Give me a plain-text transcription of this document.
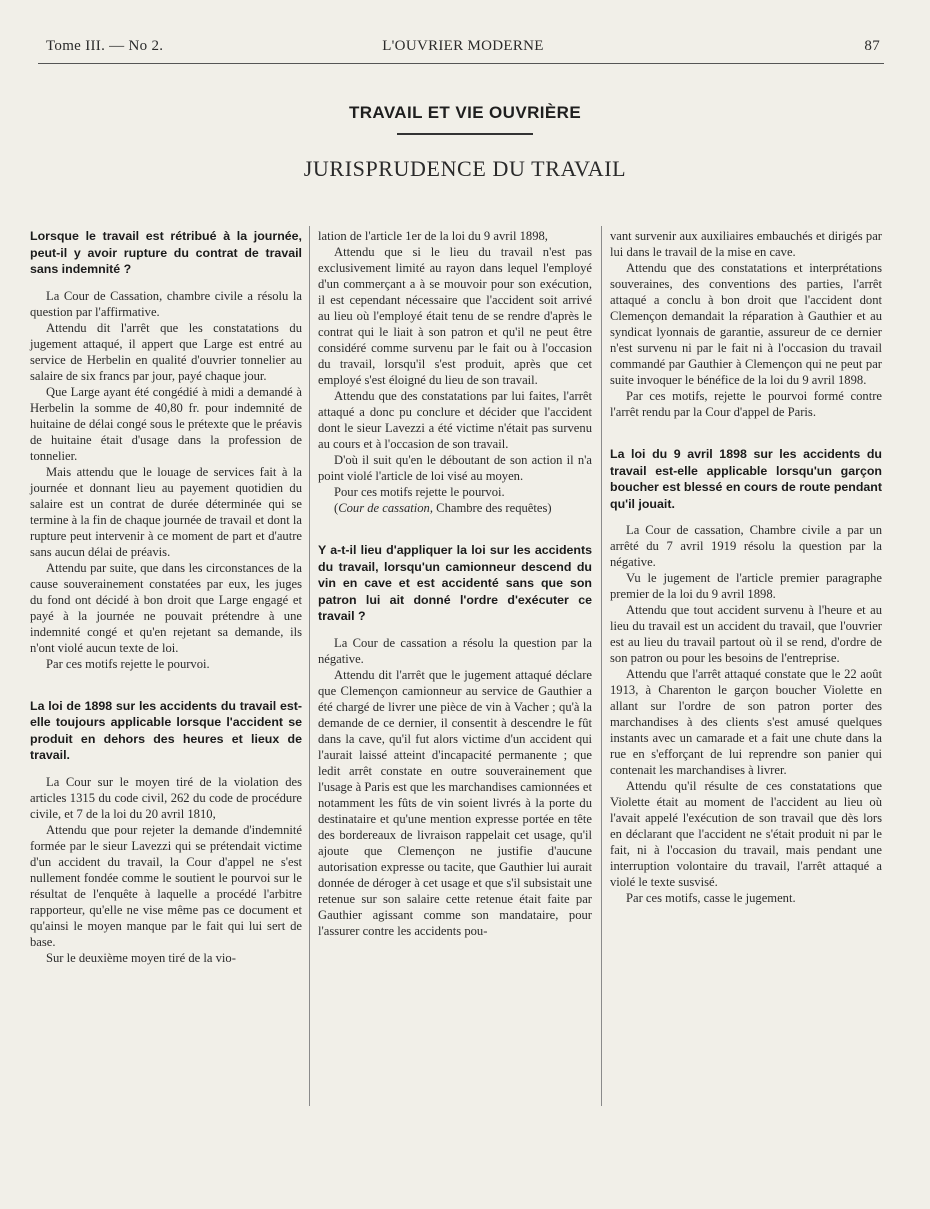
Tome III. — No 2.	L'OUVRIER MODERNE	87
TRAVAIL ET VIE OUVRIÈRE
JURISPRUDENCE DU TRAVAIL
Lorsque le travail est rétribué à la journée, peut-il y avoir rupture du contrat de travail sans indemnité ?

La Cour de Cassation, chambre civile a résolu la question par l'affirmative.

Attendu dit l'arrêt que les constatations du jugement attaqué, il appert que Large est entré au service de Herbelin en qualité d'ouvrier tonnelier au salaire de six francs par jour, payé chaque jour.

Que Large ayant été congédié à midi a demandé à Herbelin la somme de 40,80 fr. pour indemnité de huitaine de délai congé sous le prétexte que le préavis de huitaine était d'usage dans la profession de tonnelier.

Mais attendu que le louage de services fait à la journée et donnant lieu au payement quotidien du salaire est un contrat de durée déterminée qui se termine à la fin de chaque journée de travail et dont la rupture peut intervenir à ce moment de part et d'autre sans aucun délai de préavis.

Attendu par suite, que dans les circonstances de la cause souverainement constatées par eux, les juges du fond ont décidé à bon droit que Large engagé et payé à la journée ne pouvait prétendre à une indemnité congé et qu'en rejetant sa demande, ils n'ont violé aucun texte de loi.

Par ces motifs rejette le pourvoi.

La loi de 1898 sur les accidents du travail est-elle toujours applicable lorsque l'accident se produit en dehors des heures et lieux de travail.

La Cour sur le moyen tiré de la violation des articles 1315 du code civil, 262 du code de procédure civile, et 7 de la loi du 20 avril 1810,

Attendu que pour rejeter la demande d'indemnité formée par le sieur Lavezzi qui se prétendait victime d'un accident du travail, la Cour d'appel ne s'est nullement fondée comme le soutient le pourvoi sur le résultat de l'enquête à laquelle a procédé l'arbitre rapporteur, qu'elle ne vise même pas ce document et qu'ainsi le moyen manque par le fait qui lui sert de base.

Sur le deuxième moyen tiré de la vio-

lation de l'article 1er de la loi du 9 avril 1898,

Attendu que si le lieu du travail n'est pas exclusivement limité au rayon dans lequel l'employé d'un commerçant a à se mouvoir pour son exécution, il est cependant nécessaire que l'accident soit arrivé au lieu où l'employé était tenu de se rendre d'après le contrat qui le liait à son patron et qu'il ne peut être considéré comme survenu par le fait ou à l'occasion du travail, lorsqu'il s'est produit, après que cet employé s'est éloigné du lieu de son travail.

Attendu que des constatations par lui faites, l'arrêt attaqué a donc pu conclure et décider que l'accident dont le sieur Lavezzi a été victime n'était pas survenu au cours et à l'occasion de son travail.

D'où il suit qu'en le déboutant de son action il n'a point violé l'article de loi visé au moyen.

Pour ces motifs rejette le pourvoi.

(Cour de cassation, Chambre des requêtes)

Y a-t-il lieu d'appliquer la loi sur les accidents du travail, lorsqu'un camionneur descend du vin en cave et est accidenté sans que son patron lui ait donné l'ordre d'exécuter ce travail ?

La Cour de cassation a résolu la question par la négative.

Attendu dit l'arrêt que le jugement attaqué déclare que Clemençon camionneur au service de Gauthier a été chargé de livrer une pièce de vin à Vacher ; qu'à la demande de ce dernier, il consentit à descendre le fût dans la cave, qu'il fut alors victime d'un accident qui l'aurait laissé atteint d'incapacité permanente ; que ledit arrêt constate en outre souverainement que l'usage à Paris est que les marchandises camionnées et notamment les fûts de vin soient livrés à la porte du destinataire et qu'une mention expresse portée en tête des bordereaux de livraison rappelait cet usage, qu'il ajoute que Clemençon ne justifie d'aucune autorisation expresse ou tacite, que Gauthier lui aurait donnée de déroger à cet usage et que s'il subsistait une retenue sur son salaire cette retenue était faite par Gauthier agissant comme son mandataire, pour l'assurer contre les accidents pou-

vant survenir aux auxiliaires embauchés et dirigés par lui dans le travail de la mise en cave.

Attendu que des constatations et interprétations souveraines, des conventions des parties, l'arrêt attaqué a conclu à bon droit que l'accident dont Clemençon demandait la réparation à Gauthier et au syndicat lyonnais de garantie, assureur de ce dernier n'est survenu ni par le fait ni à l'occasion du travail commandé par Gauthier à Clemençon qui ne peut par suite invoquer le bénéfice de la loi du 9 avril 1898.

Par ces motifs, rejette le pourvoi formé contre l'arrêt rendu par la Cour d'appel de Paris.

La loi du 9 avril 1898 sur les accidents du travail est-elle applicable lorsqu'un garçon boucher est blessé en cours de route pendant qu'il jouait.

La Cour de cassation, Chambre civile a par un arrêté du 7 avril 1919 résolu la question par la négative.

Vu le jugement de l'article premier paragraphe premier de la loi du 9 avril 1898.

Attendu que tout accident survenu à l'heure et au lieu du travail est un accident du travail, que l'ouvrier est au lieu du travail partout où il se rend, d'ordre de son patron ou pour les besoins de l'entreprise.

Attendu que l'arrêt attaqué constate que le 22 août 1913, à Charenton le garçon boucher Violette en allant sur l'ordre de son patron porter des marchandises à des clients s'est amusé quelques instants avec un camarade et a fait une chute dans la rue en s'efforçant de lui reprendre son panier qui contenait les marchandises à livrer.

Attendu qu'il résulte de ces constatations que Violette était au moment de l'accident au lieu où l'avait appelé l'exécution de son travail que dès lors en déclarant que l'accident ne s'était produit ni par le fait, ni à l'occasion du travail, mais pendant une interruption volontaire du travail, l'arrêt attaqué a violé le texte susvisé.

Par ces motifs, casse le jugement.
